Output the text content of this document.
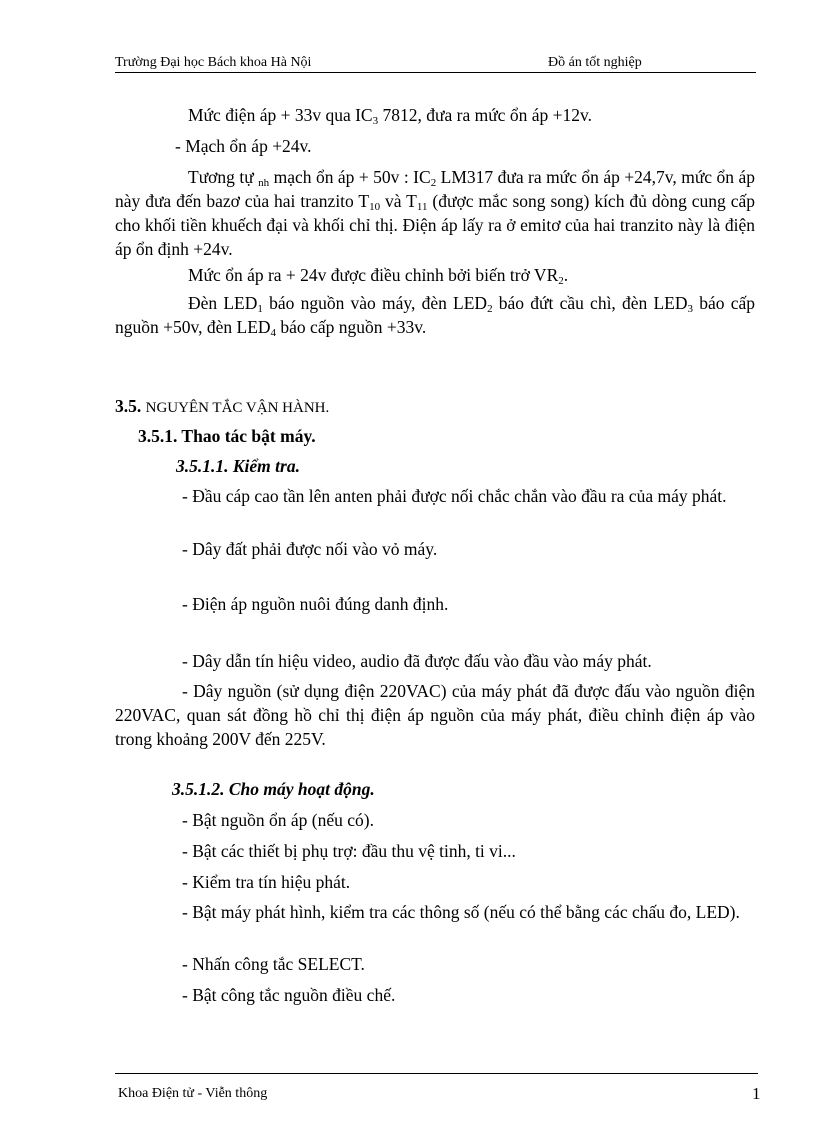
Trường Đại học Bách khoa Hà Nội	Đồ án tốt nghiệp

Mức điện áp + 33v qua $IC_3$ 7812, đưa ra mức ổn áp +12v.

- Mạch ổn áp +24v.

Tương tự $_{nh}$ mạch ổn áp + 50v : $IC_2$ LM317 đưa ra mức ổn áp +24,7v, mức ổn áp này đưa đến bazơ của hai tranzito $T_{10}$ và $T_{11}$ (được mắc song song) kích đủ dòng cung cấp cho khối tiền khuếch đại và khối chỉ thị. Điện áp lấy ra ở emitơ của hai tranzito này là điện áp ổn định +24v.

Mức ổn áp ra + 24v được điều chỉnh bởi biến trở $VR_2$.

Đèn $LED_1$ báo nguồn vào máy, đèn $LED_2$ báo đứt cầu chì, đèn $LED_3$ báo cấp nguồn +50v, đèn $LED_4$ báo cấp nguồn +33v.

3.5. NGUYÊN TẮC VẬN HÀNH.

3.5.1. Thao tác bật máy.

3.5.1.1. Kiểm tra.

- Đầu cáp cao tần lên anten phải được nối chắc chắn vào đầu ra của máy phát.

- Dây đất phải được nối vào vỏ máy.

- Điện áp nguồn nuôi đúng danh định.

- Dây dẫn tín hiệu video, audio đã được đấu vào đầu vào máy phát.

- Dây nguồn (sử dụng điện 220VAC) của máy phát đã được đấu vào nguồn điện 220VAC, quan sát đồng hồ chỉ thị điện áp nguồn của máy phát, điều chỉnh điện áp vào trong khoảng 200V đến 225V.

3.5.1.2. Cho máy hoạt động.

- Bật nguồn ổn áp (nếu có).

- Bật các thiết bị phụ trợ: đầu thu vệ tinh, ti vi...

- Kiểm tra tín hiệu phát.

- Bật máy phát hình, kiểm tra các thông số (nếu có thể bằng các chấu đo, LED).

- Nhấn công tắc SELECT.

- Bật công tắc nguồn điều chế.

Khoa Điện tử - Viễn thông	1
